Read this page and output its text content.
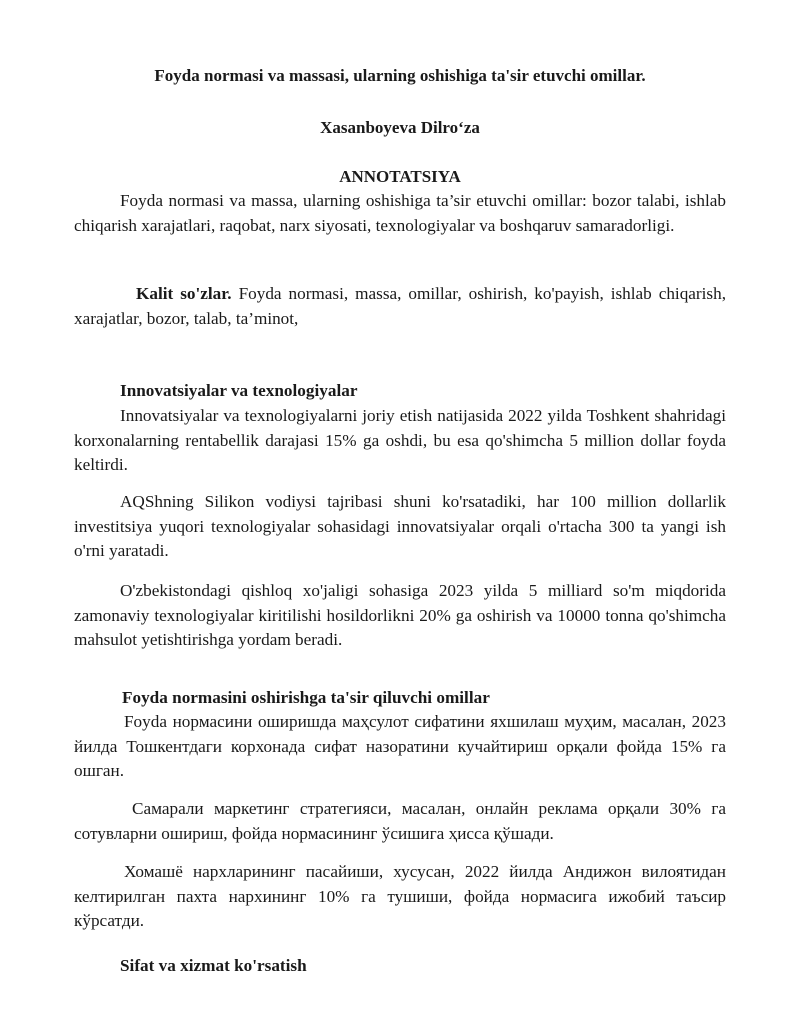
Foyda normasi va massasi, ularning oshishiga ta'sir etuvchi omillar.
Xasanboyeva Dilro‘za
ANNOTATSIYA
Foyda normasi va massa, ularning oshishiga ta’sir etuvchi omillar: bozor talabi, ishlab chiqarish xarajatlari, raqobat, narx siyosati, texnologiyalar va boshqaruv samaradorligi.
Kalit so'zlar. Foyda normasi, massa, omillar, oshirish, ko'payish, ishlab chiqarish, xarajatlar, bozor, talab, ta’minot,
Innovatsiyalar va texnologiyalar
Innovatsiyalar va texnologiyalarni joriy etish natijasida 2022 yilda Toshkent shahridagi korxonalarning rentabellik darajasi 15% ga oshdi, bu esa qo'shimcha 5 million dollar foyda keltirdi.
AQShning Silikon vodiysi tajribasi shuni ko'rsatadiki, har 100 million dollarlik investitsiya yuqori texnologiyalar sohasidagi innovatsiyalar orqali o'rtacha 300 ta yangi ish o'rni yaratadi.
O'zbekistondagi qishloq xo'jaligi sohasiga 2023 yilda 5 milliard so'm miqdorida zamonaviy texnologiyalar kiritilishi hosildorlikni 20% ga oshirish va 10000 tonna qo'shimcha mahsulot yetishtirishga yordam beradi.
Foyda normasini oshirishga ta'sir qiluvchi omillar
Foyda нормасини оширишда маҳсулот сифатини яхшилаш муҳим, масалан, 2023 йилда Тошкентдаги корхонада сифат назоратини кучайтириш орқали фойда 15% га ошган.
Самарали маркетинг стратегияси, масалан, онлайн реклама орқали 30% га сотувларни ошириш, фойда нормасининг ўсишига ҳисса қўшади.
Хомашё нархларининг пасайиши, хусусан, 2022 йилда Андижон вилоятидан келтирилган пахта нархининг 10% га тушиши, фойда нормасига ижобий таъсир кўрсатди.
Sifat va xizmat ko'rsatish
